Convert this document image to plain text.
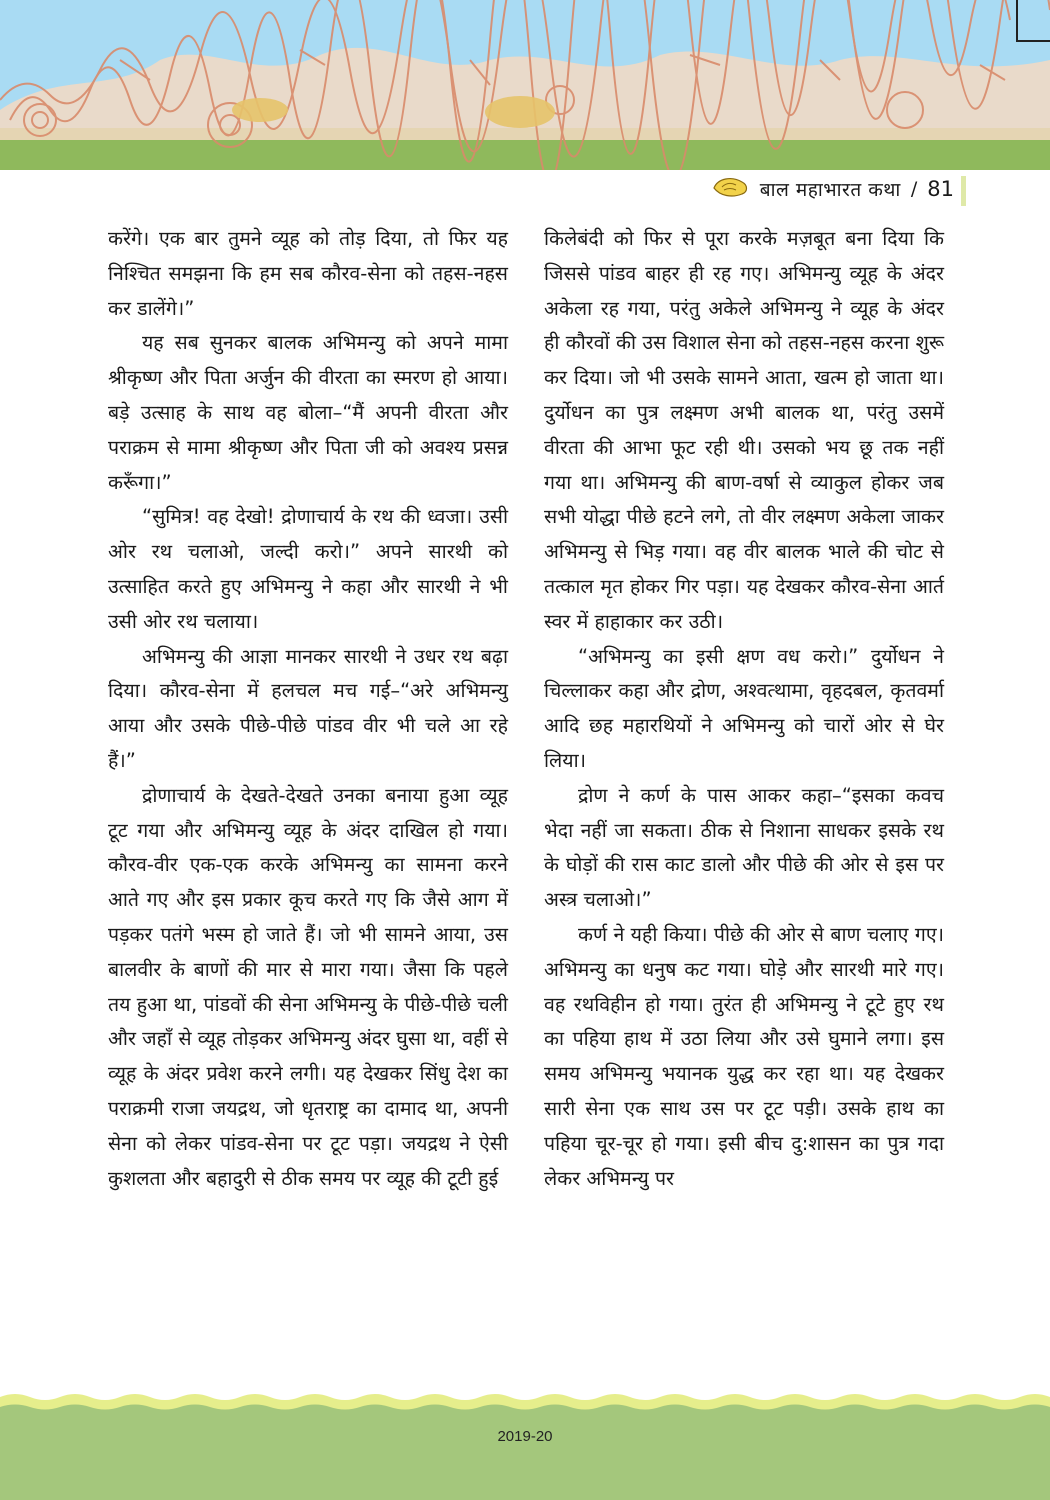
बाल महाभारत कथा / 81

करेंगे। एक बार तुमने व्यूह को तोड़ दिया, तो फिर यह निश्चित समझना कि हम सब कौरव-सेना को तहस-नहस कर डालेंगे।”

यह सब सुनकर बालक अभिमन्यु को अपने मामा श्रीकृष्ण और पिता अर्जुन की वीरता का स्मरण हो आया। बड़े उत्साह के साथ वह बोला–“मैं अपनी वीरता और पराक्रम से मामा श्रीकृष्ण और पिता जी को अवश्य प्रसन्न करूँगा।”

“सुमित्र! वह देखो! द्रोणाचार्य के रथ की ध्वजा। उसी ओर रथ चलाओ, जल्दी करो।” अपने सारथी को उत्साहित करते हुए अभिमन्यु ने कहा और सारथी ने भी उसी ओर रथ चलाया।

अभिमन्यु की आज्ञा मानकर सारथी ने उधर रथ बढ़ा दिया। कौरव-सेना में हलचल मच गई–“अरे अभिमन्यु आया और उसके पीछे-पीछे पांडव वीर भी चले आ रहे हैं।”

द्रोणाचार्य के देखते-देखते उनका बनाया हुआ व्यूह टूट गया और अभिमन्यु व्यूह के अंदर दाखिल हो गया। कौरव-वीर एक-एक करके अभिमन्यु का सामना करने आते गए और इस प्रकार कूच करते गए कि जैसे आग में पड़कर पतंगे भस्म हो जाते हैं। जो भी सामने आया, उस बालवीर के बाणों की मार से मारा गया। जैसा कि पहले तय हुआ था, पांडवों की सेना अभिमन्यु के पीछे-पीछे चली और जहाँ से व्यूह तोड़कर अभिमन्यु अंदर घुसा था, वहीं से व्यूह के अंदर प्रवेश करने लगी। यह देखकर सिंधु देश का पराक्रमी राजा जयद्रथ, जो धृतराष्ट्र का दामाद था, अपनी सेना को लेकर पांडव-सेना पर टूट पड़ा। जयद्रथ ने ऐसी कुशलता और बहादुरी से ठीक समय पर व्यूह की टूटी हुई

किलेबंदी को फिर से पूरा करके मज़बूत बना दिया कि जिससे पांडव बाहर ही रह गए। अभिमन्यु व्यूह के अंदर अकेला रह गया, परंतु अकेले अभिमन्यु ने व्यूह के अंदर ही कौरवों की उस विशाल सेना को तहस-नहस करना शुरू कर दिया। जो भी उसके सामने आता, खत्म हो जाता था। दुर्योधन का पुत्र लक्ष्मण अभी बालक था, परंतु उसमें वीरता की आभा फूट रही थी। उसको भय छू तक नहीं गया था। अभिमन्यु की बाण-वर्षा से व्याकुल होकर जब सभी योद्धा पीछे हटने लगे, तो वीर लक्ष्मण अकेला जाकर अभिमन्यु से भिड़ गया। वह वीर बालक भाले की चोट से तत्काल मृत होकर गिर पड़ा। यह देखकर कौरव-सेना आर्त स्वर में हाहाकार कर उठी।

“अभिमन्यु का इसी क्षण वध करो।” दुर्योधन ने चिल्लाकर कहा और द्रोण, अश्वत्थामा, वृहदबल, कृतवर्मा आदि छह महारथियों ने अभिमन्यु को चारों ओर से घेर लिया।

द्रोण ने कर्ण के पास आकर कहा–“इसका कवच भेदा नहीं जा सकता। ठीक से निशाना साधकर इसके रथ के घोड़ों की रास काट डालो और पीछे की ओर से इस पर अस्त्र चलाओ।”

कर्ण ने यही किया। पीछे की ओर से बाण चलाए गए। अभिमन्यु का धनुष कट गया। घोड़े और सारथी मारे गए। वह रथविहीन हो गया। तुरंत ही अभिमन्यु ने टूटे हुए रथ का पहिया हाथ में उठा लिया और उसे घुमाने लगा। इस समय अभिमन्यु भयानक युद्ध कर रहा था। यह देखकर सारी सेना एक साथ उस पर टूट पड़ी। उसके हाथ का पहिया चूर-चूर हो गया। इसी बीच दु:शासन का पुत्र गदा लेकर अभिमन्यु पर

2019-20
